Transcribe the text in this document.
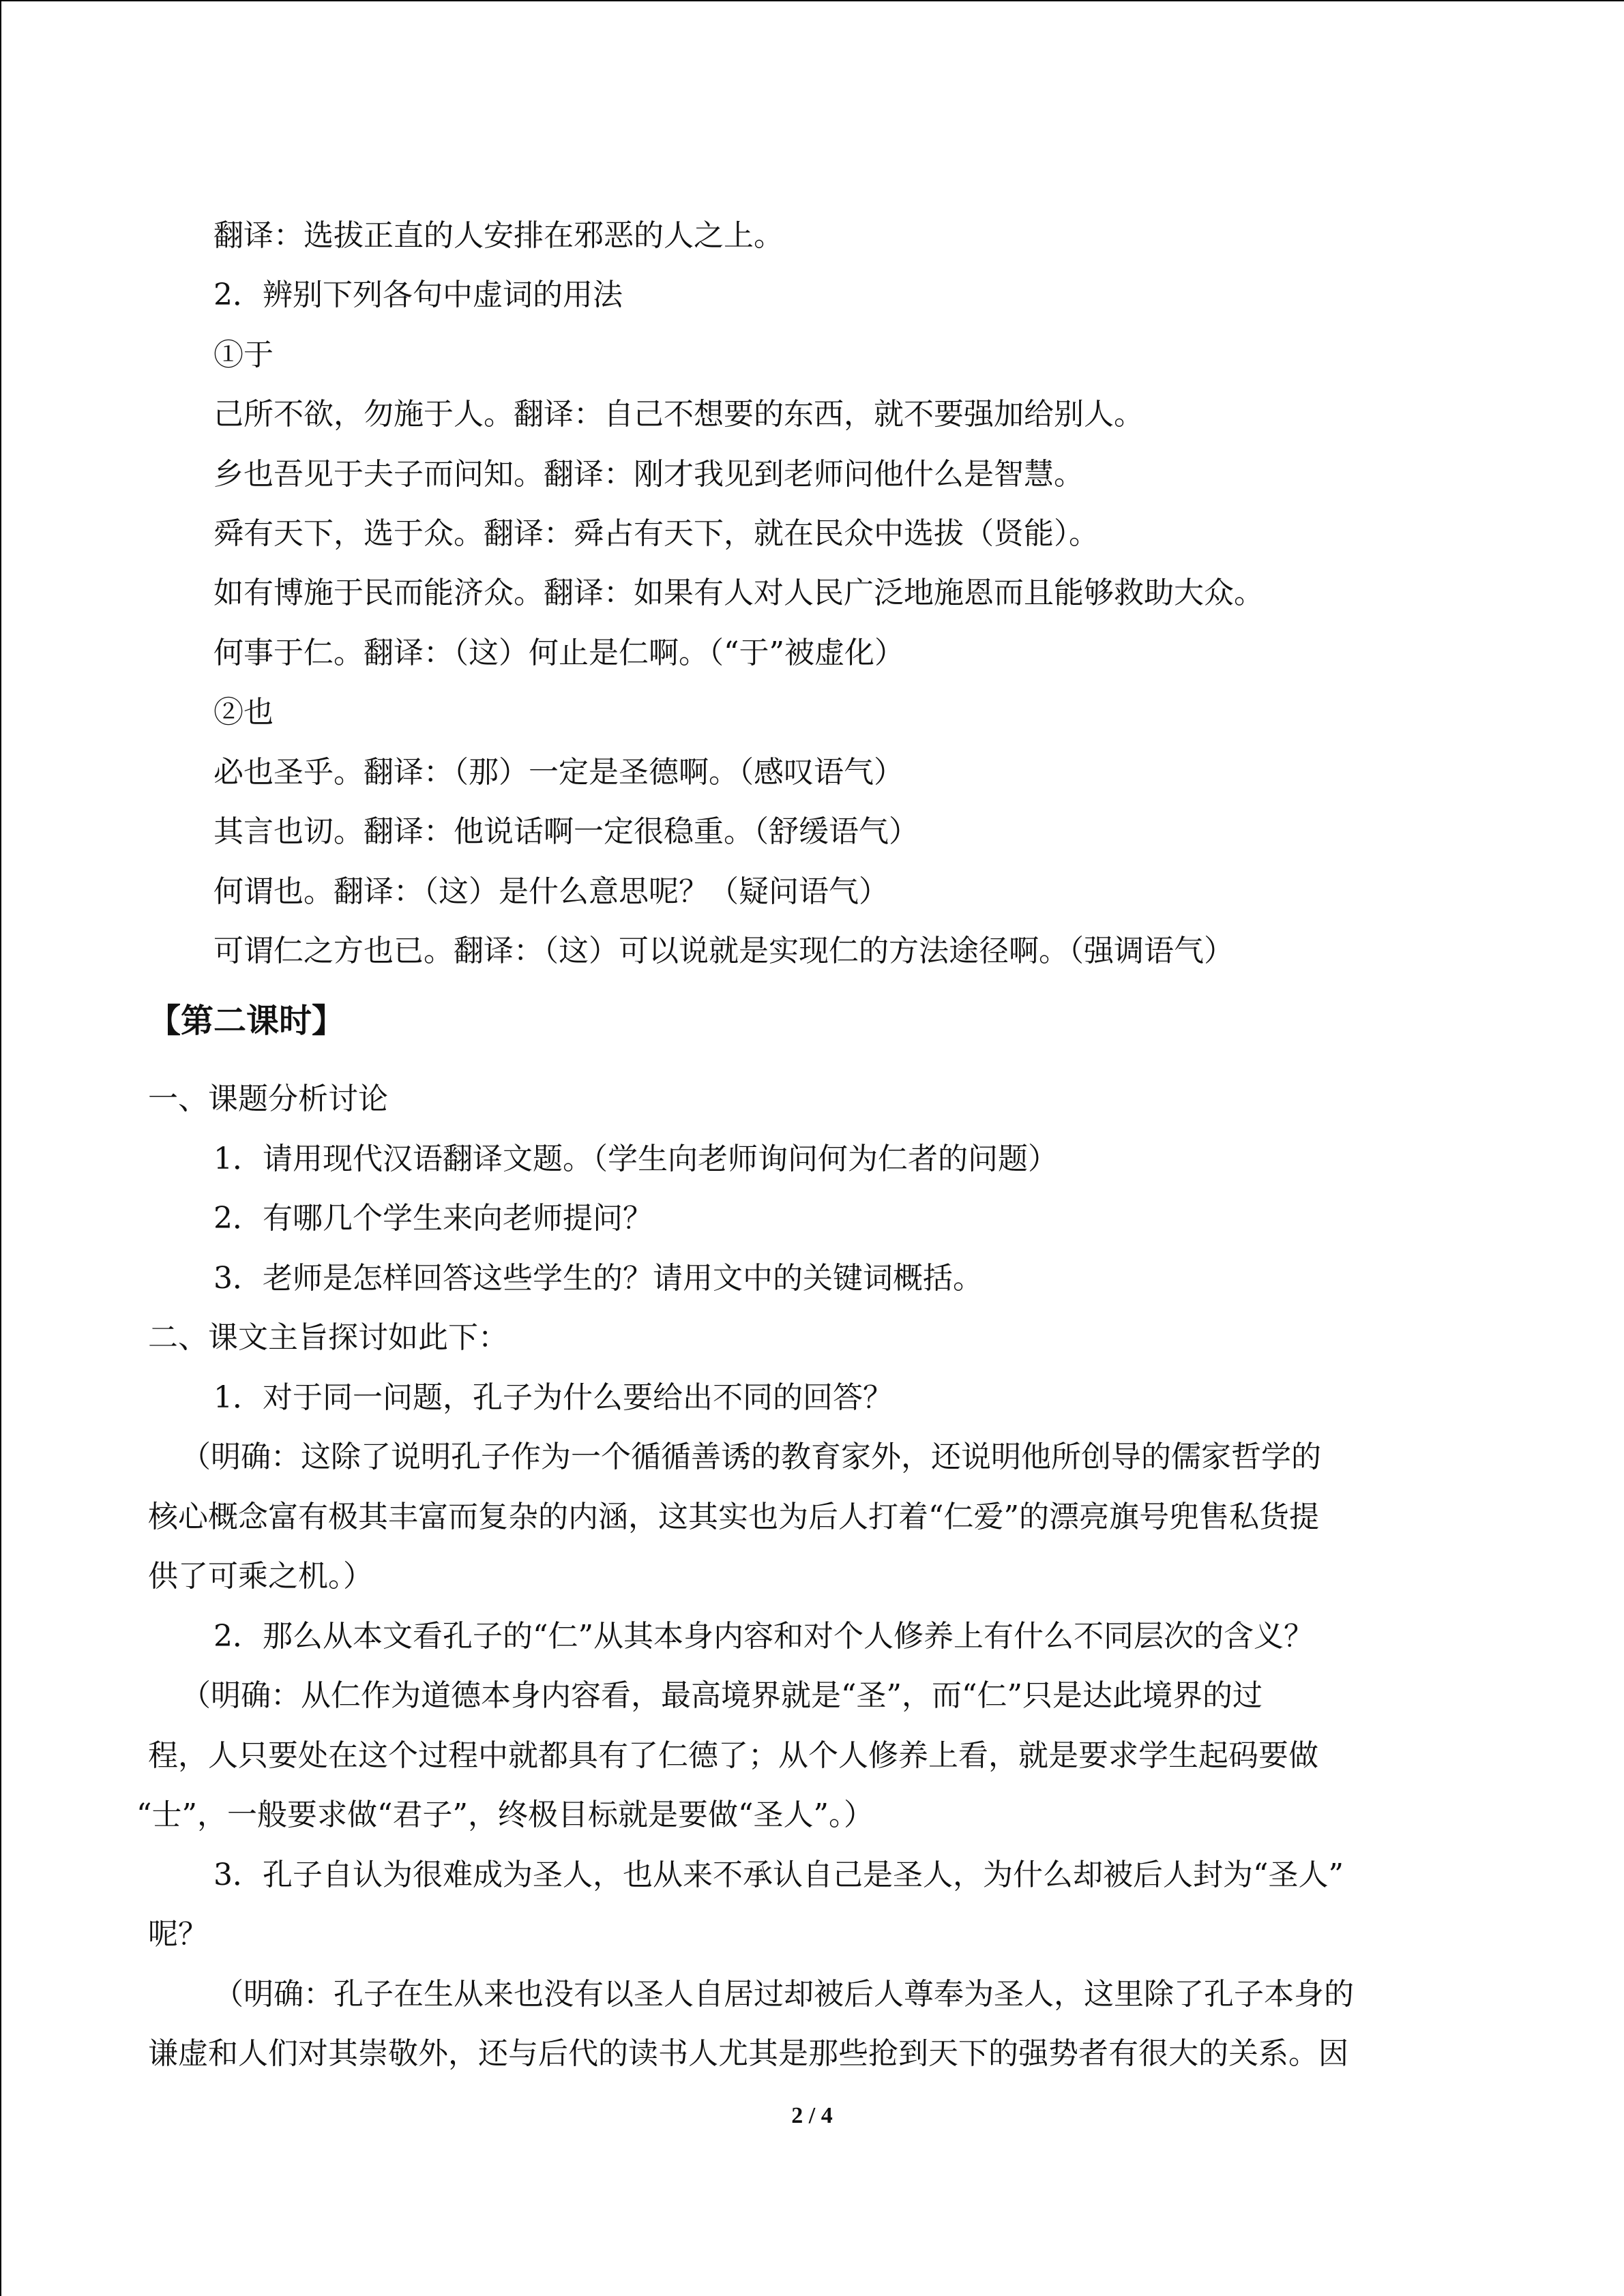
翻译：选拔正直的人安排在邪恶的人之上。
2．辨别下列各句中虚词的用法
①于
己所不欲，勿施于人。翻译：自己不想要的东西，就不要强加给别人。
乡也吾见于夫子而问知。翻译：刚才我见到老师问他什么是智慧。
舜有天下，选于众。翻译：舜占有天下，就在民众中选拔（贤能）。
如有博施于民而能济众。翻译：如果有人对人民广泛地施恩而且能够救助大众。
何事于仁。翻译：（这）何止是仁啊。（“于”被虚化）
②也
必也圣乎。翻译：（那）一定是圣德啊。（感叹语气）
其言也讱。翻译：他说话啊一定很稳重。（舒缓语气）
何谓也。翻译：（这）是什么意思呢？（疑问语气）
可谓仁之方也已。翻译：（这）可以说就是实现仁的方法途径啊。（强调语气）
【第二课时】
一、课题分析讨论
1．请用现代汉语翻译文题。（学生向老师询问何为仁者的问题）
2．有哪几个学生来向老师提问？
3．老师是怎样回答这些学生的？请用文中的关键词概括。
二、课文主旨探讨如此下：
1．对于同一问题，孔子为什么要给出不同的回答？
（明确：这除了说明孔子作为一个循循善诱的教育家外，还说明他所创导的儒家哲学的
核心概念富有极其丰富而复杂的内涵，这其实也为后人打着“仁爱”的漂亮旗号兜售私货提
供了可乘之机。）
2．那么从本文看孔子的“仁”从其本身内容和对个人修养上有什么不同层次的含义？
（明确：从仁作为道德本身内容看，最高境界就是“圣”，而“仁”只是达此境界的过
程，人只要处在这个过程中就都具有了仁德了；从个人修养上看，就是要求学生起码要做
“士”，一般要求做“君子”，终极目标就是要做“圣人”。）
3．孔子自认为很难成为圣人，也从来不承认自己是圣人，为什么却被后人封为“圣人”
呢？
（明确：孔子在生从来也没有以圣人自居过却被后人尊奉为圣人，这里除了孔子本身的
谦虚和人们对其崇敬外，还与后代的读书人尤其是那些抢到天下的强势者有很大的关系。因
2 / 4
